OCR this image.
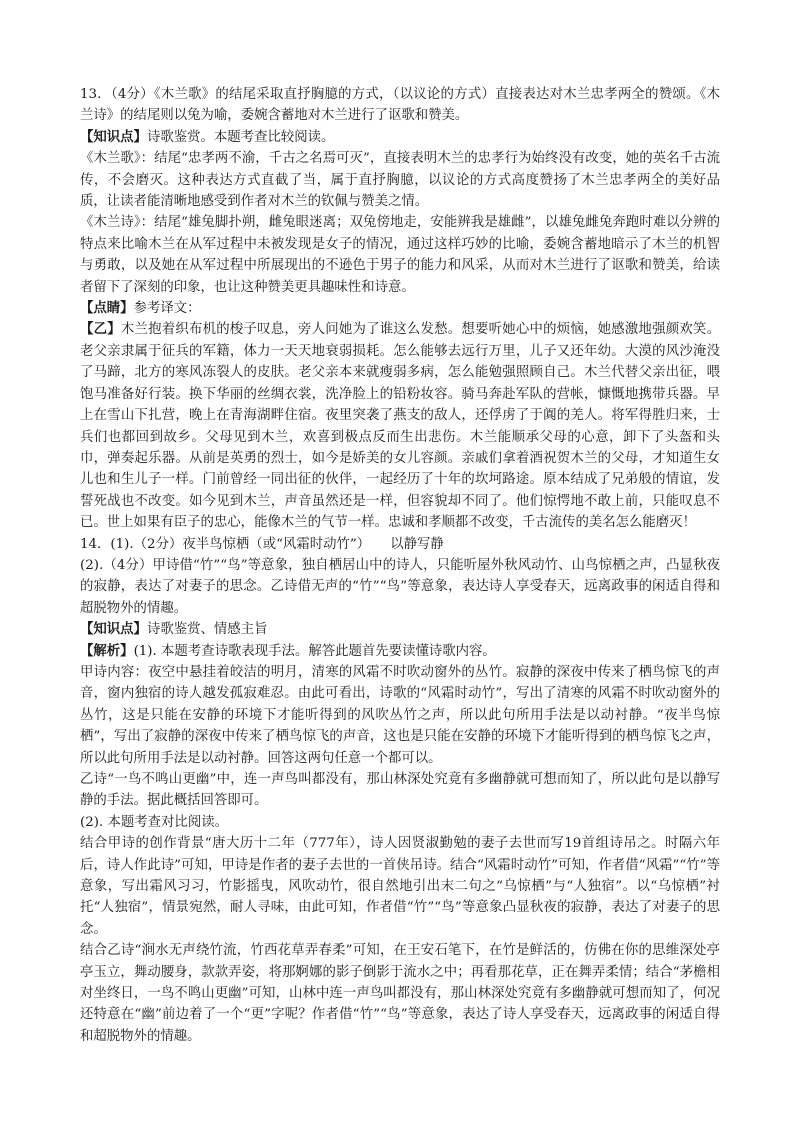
13．（4分）《木兰歌》的结尾采取直抒胸臆的方式，（以议论的方式）直接表达对木兰忠孝两全的赞颂。《木兰诗》的结尾则以兔为喻，委婉含蓄地对木兰进行了讴歌和赞美。

【知识点】诗歌鉴赏。本题考查比较阅读。

《木兰歌》：结尾“忠孝两不渝，千古之名焉可灭”，直接表明木兰的忠孝行为始终没有改变，她的英名千古流传，不会磨灭。这种表达方式直截了当，属于直抒胸臆，以议论的方式高度赞扬了木兰忠孝两全的美好品质，让读者能清晰地感受到作者对木兰的钦佩与赞美之情。

《木兰诗》：结尾“雄兔脚扑朔，雌兔眼迷离；双兔傍地走，安能辨我是雄雌”，以雄兔雌兔奔跑时难以分辨的特点来比喻木兰在从军过程中未被发现是女子的情况，通过这样巧妙的比喻，委婉含蓄地暗示了木兰的机智与勇敢，以及她在从军过程中所展现出的不逊色于男子的能力和风采，从而对木兰进行了讴歌和赞美，给读者留下了深刻的印象，也让这种赞美更具趣味性和诗意。

【点睛】参考译文：

【乙】木兰抱着织布机的梭子叹息，旁人问她为了谁这么发愁。想要听她心中的烦恼，她感激地强颜欢笑。老父亲隶属于征兵的军籍，体力一天天地衰弱损耗。怎么能够去远行万里，儿子又还年幼。大漠的风沙淹没了马蹄，北方的寒风冻裂人的皮肤。老父亲本来就瘦弱多病，怎么能勉强照顾自己。木兰代替父亲出征，喂饱马准备好行装。换下华丽的丝绸衣裳，洗净脸上的铅粉妆容。骑马奔赴军队的营帐，慷慨地携带兵器。早上在雪山下扎营，晚上在青海湖畔住宿。夜里突袭了燕支的敌人，还俘虏了于阗的羌人。将军得胜归来，士兵们也都回到故乡。父母见到木兰，欢喜到极点反而生出悲伤。木兰能顺承父母的心意，卸下了头盔和头巾，弹奏起乐器。从前是英勇的烈士，如今是娇美的女儿容颜。亲戚们拿着酒祝贺木兰的父母，才知道生女儿也和生儿子一样。门前曾经一同出征的伙伴，一起经历了十年的坎坷路途。原本结成了兄弟般的情谊，发誓死战也不改变。如今见到木兰，声音虽然还是一样，但容貌却不同了。他们惊愕地不敢上前，只能叹息不已。世上如果有臣子的忠心，能像木兰的气节一样。忠诚和孝顺都不改变，千古流传的美名怎么能磨灭！

14．(1).（2分）夜半鸟惊栖（或“风霜时动竹”）　　以静写静

(2).（4分）甲诗借“竹”“鸟”等意象，独自栖居山中的诗人，只能听屋外秋风动竹、山鸟惊栖之声，凸显秋夜的寂静，表达了对妻子的思念。乙诗借无声的“竹”“鸟”等意象，表达诗人享受春天，远离政事的闲适自得和超脱物外的情趣。

【知识点】诗歌鉴赏、情感主旨

【解析】(1). 本题考查诗歌表现手法。解答此题首先要读懂诗歌内容。

甲诗内容：夜空中悬挂着皎洁的明月，清寒的风霜不时吹动窗外的丛竹。寂静的深夜中传来了栖鸟惊飞的声音，窗内独宿的诗人越发孤寂难忍。由此可看出，诗歌的“风霜时动竹”，写出了清寒的风霜不时吹动窗外的丛竹，这是只能在安静的环境下才能听得到的风吹丛竹之声，所以此句所用手法是以动衬静。“夜半鸟惊栖”，写出了寂静的深夜中传来了栖鸟惊飞的声音，这也是只能在安静的环境下才能听得到的栖鸟惊飞之声，所以此句所用手法是以动衬静。回答这两句任意一个都可以。

乙诗“一鸟不鸣山更幽”中，连一声鸟叫都没有，那山林深处究竟有多幽静就可想而知了，所以此句是以静写静的手法。据此概括回答即可。

(2). 本题考查对比阅读。

结合甲诗的创作背景“唐大历十二年（777年），诗人因贤淑勤勉的妻子去世而写19首组诗吊之。时隔六年后，诗人作此诗”可知，甲诗是作者的妻子去世的一首侠吊诗。结合“风霜时动竹”可知，作者借“风霜”“竹”等意象，写出霜风习习，竹影摇曳，风吹动竹，很自然地引出末二句之“乌惊栖”与“人独宿”。以“乌惊栖”衬托“人独宿”，情景宛然，耐人寻味，由此可知，作者借“竹”“鸟”等意象凸显秋夜的寂静，表达了对妻子的思念。

结合乙诗“涧水无声绕竹流，竹西花草弄春柔”可知，在王安石笔下，在竹是鲜活的，仿佛在你的思维深处亭亭玉立，舞动腰身，款款弄姿，将那婀娜的影子倒影于流水之中；再看那花草，正在舞弄柔情；结合“茅檐相对坐终日，一鸟不鸣山更幽”可知，山林中连一声鸟叫都没有，那山林深处究竟有多幽静就可想而知了，何况还特意在“幽”前边着了一个“更”字呢？作者借“竹”“鸟”等意象，表达了诗人享受春天，远离政事的闲适自得和超脱物外的情趣。
